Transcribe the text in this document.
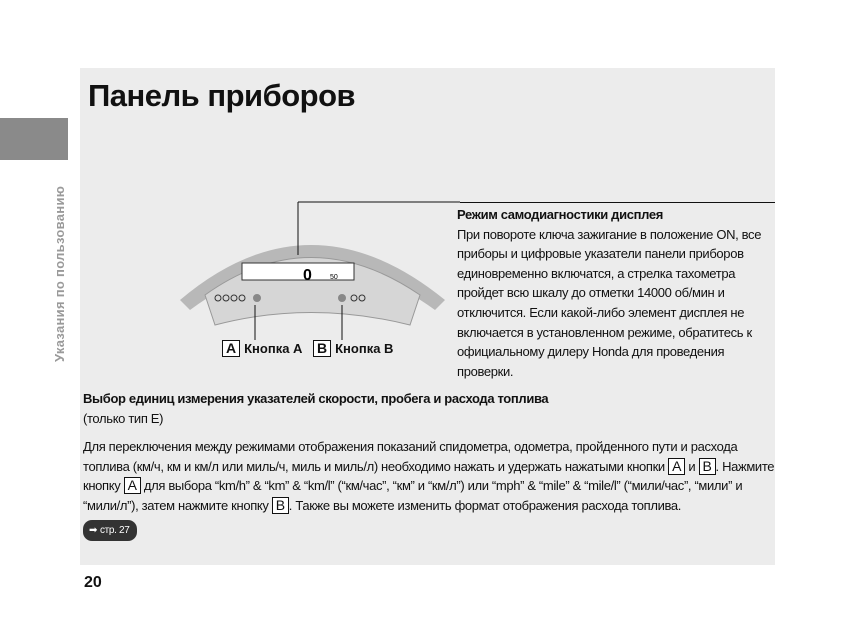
Указания по пользованию
Панель приборов
0	50
A Кнопка A B Кнопка B
Режим самодиагностики дисплея
При повороте ключа зажигание в положение ON, все приборы и цифровые указатели панели приборов единовременно включатся, а стрелка тахометра пройдет всю шкалу до отметки 14000 об/мин и отключится. Если какой-либо элемент дисплея не включается в установленном режиме, обратитесь к официальному дилеру Honda для проведения проверки.
Выбор единиц измерения указателей скорости, пробега и расхода топлива
(только тип E)
Для переключения между режимами отображения показаний спидометра, одометра, пройденного пути и расхода топлива (км/ч, км и км/л или миль/ч, миль и миль/л) необходимо нажать и удержать нажатыми кнопки A и B . Нажмите кнопку A для выбора “km/h” & “km” & “km/l” (“км/час”, “км” и “км/л”) или “mph” & “mile” & “mile/l” (“мили/час”, “мили” и “мили/л”), затем нажмите кнопку B . Также вы можете изменить формат отображения расхода топлива.
➡ стр. 27
20
